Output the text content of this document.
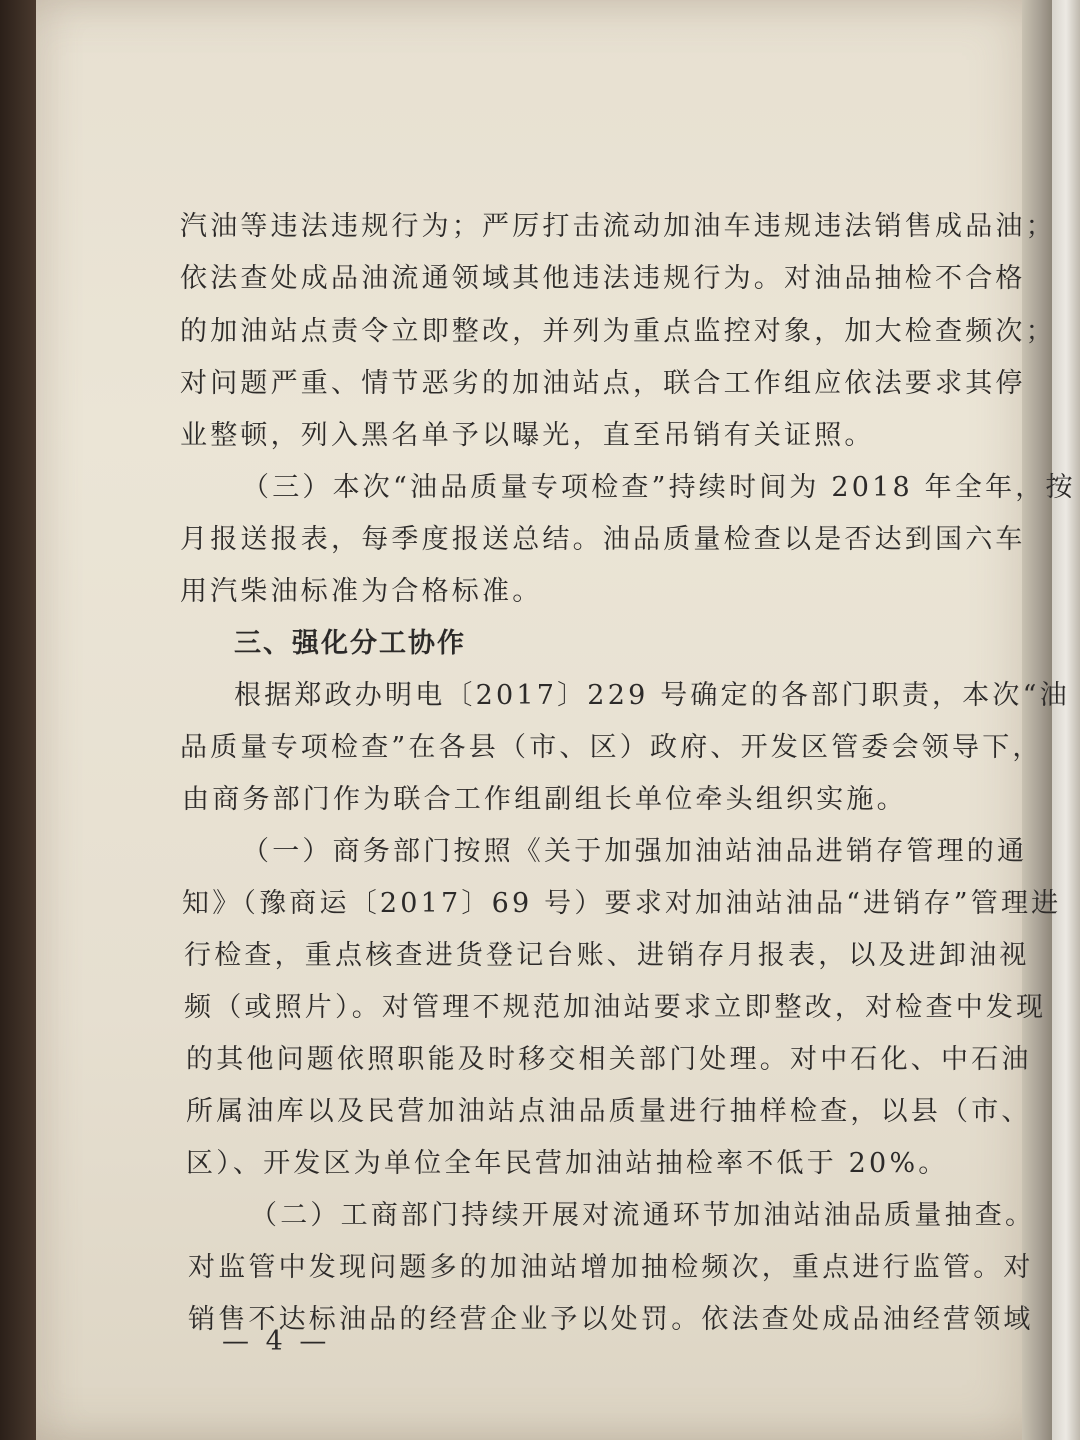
汽油等违法违规行为；严厉打击流动加油车违规违法销售成品油；
依法查处成品油流通领域其他违法违规行为。对油品抽检不合格
的加油站点责令立即整改，并列为重点监控对象，加大检查频次；
对问题严重、情节恶劣的加油站点，联合工作组应依法要求其停
业整顿，列入黑名单予以曝光，直至吊销有关证照。
（三）本次“油品质量专项检查”持续时间为 2018 年全年，按
月报送报表，每季度报送总结。油品质量检查以是否达到国六车
用汽柴油标准为合格标准。
三、强化分工协作
根据郑政办明电〔2017〕229 号确定的各部门职责，本次“油
品质量专项检查”在各县（市、区）政府、开发区管委会领导下，
由商务部门作为联合工作组副组长单位牵头组织实施。
（一）商务部门按照《关于加强加油站油品进销存管理的通
知》（豫商运〔2017〕69 号）要求对加油站油品“进销存”管理进
行检查，重点核查进货登记台账、进销存月报表，以及进卸油视
频（或照片）。对管理不规范加油站要求立即整改，对检查中发现
的其他问题依照职能及时移交相关部门处理。对中石化、中石油
所属油库以及民营加油站点油品质量进行抽样检查，以县（市、
区）、开发区为单位全年民营加油站抽检率不低于 20%。
（二）工商部门持续开展对流通环节加油站油品质量抽查。
对监管中发现问题多的加油站增加抽检频次，重点进行监管。对
销售不达标油品的经营企业予以处罚。依法查处成品油经营领域
— 4 —
